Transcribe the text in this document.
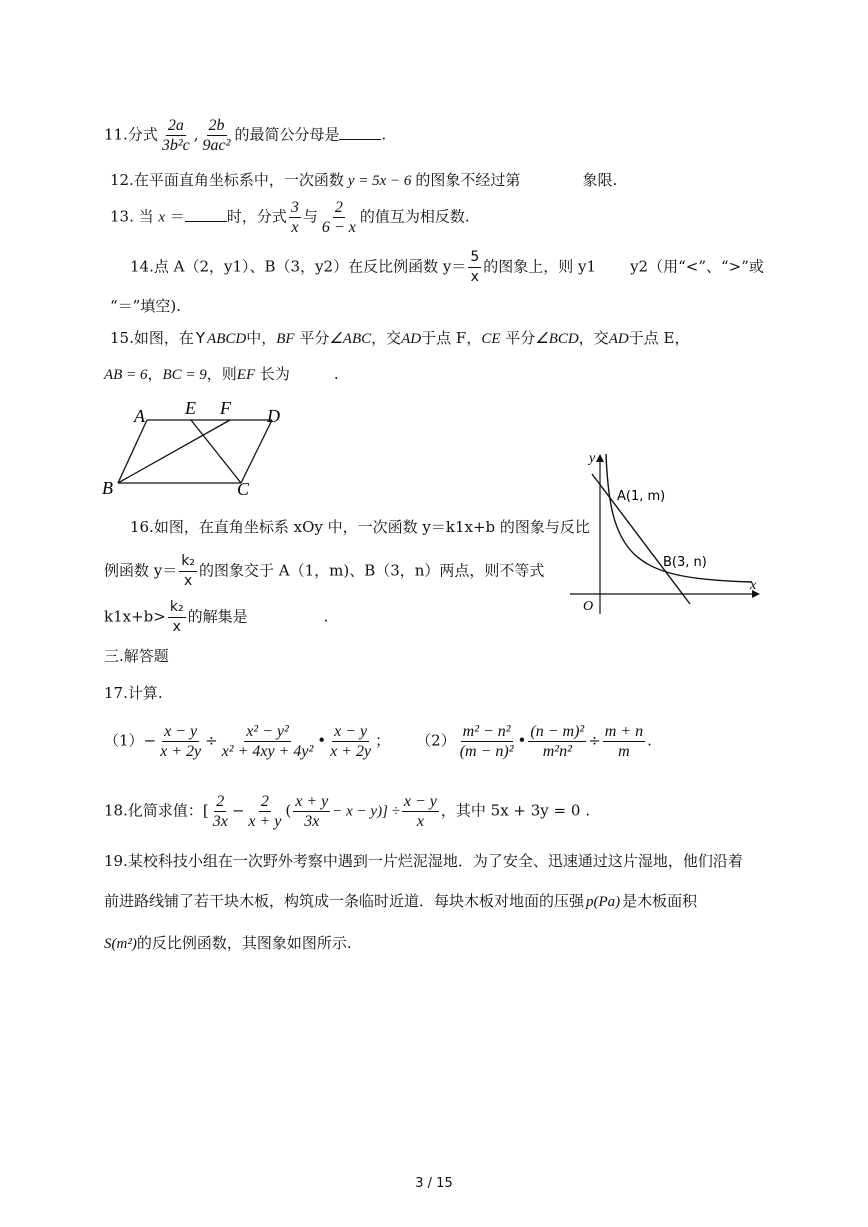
11.分式 $\frac{2a}{\text{3b²c}}$ , $\frac{2b}{\text{9ac²}}$ 的最简公分母是	.
12.在平面直角坐标系中，一次函数 y = 5x − 6 的图象不经过第	象限.
13. 当 x ＝	时，分式 $\frac{3}{x}$ 与 $\frac{2}{6 - x}$ 的值互为相反数.
14.点 A（2，y1）、B（3，y2）在反比例函数 $y= \frac{5}{x}$ 的图象上，则 y1 y2（用“<”、“>”或
“＝”填空).
15.如图，在 Y ABCD中，BF 平分∠ABC，交AD于点 F，CE 平分∠BCD，交AD于点 E，
AB = 6，BC = 9，则EF 长为	.
A E F D
B	C
y
x
O
A(1, m)
B(3, n)
16.如图，在直角坐标系 xOy 中，一次函数 y＝k1x+b 的图象与反比
例函数 $y= \frac{\text{k₂}}{x}$ 的图象交于 A（1，m)、B（3，n）两点，则不等式
$k1x+b> \frac{\text{k₂}}{x}$ 的解集是	.
三.解答题
17.计算.
$(1)- \frac{x - y}{x + 2y} \div \frac{\text{x² − y²}}{\text{x² + 4xy + 4y²}}$ • $\frac{x - y}{x + 2y}$ ； $(2) \frac{\text{m² − n²}}{\text{(m − n)²}}$ • $\frac{\text{(n − m)²}}{\text{m²n²}} \div \frac{m + n}{m}$ .
18.化简求值：[ $\frac{2}{3x} - \frac{2}{x + y}$ ( $\frac{x + y}{3x} - x - y)] \div \frac{x - y}{x}$ ，其中 5x + 3y = 0 .
19.某校科技小组在一次野外考察中遇到一片烂泥湿地．为了安全、迅速通过这片湿地，他们沿着
前进路线铺了若干块木板，构筑成一条临时近道．每块木板对地面的压强 p(Pa) 是木板面积
S(m²)的反比例函数，其图象如图所示.
3 / 15
